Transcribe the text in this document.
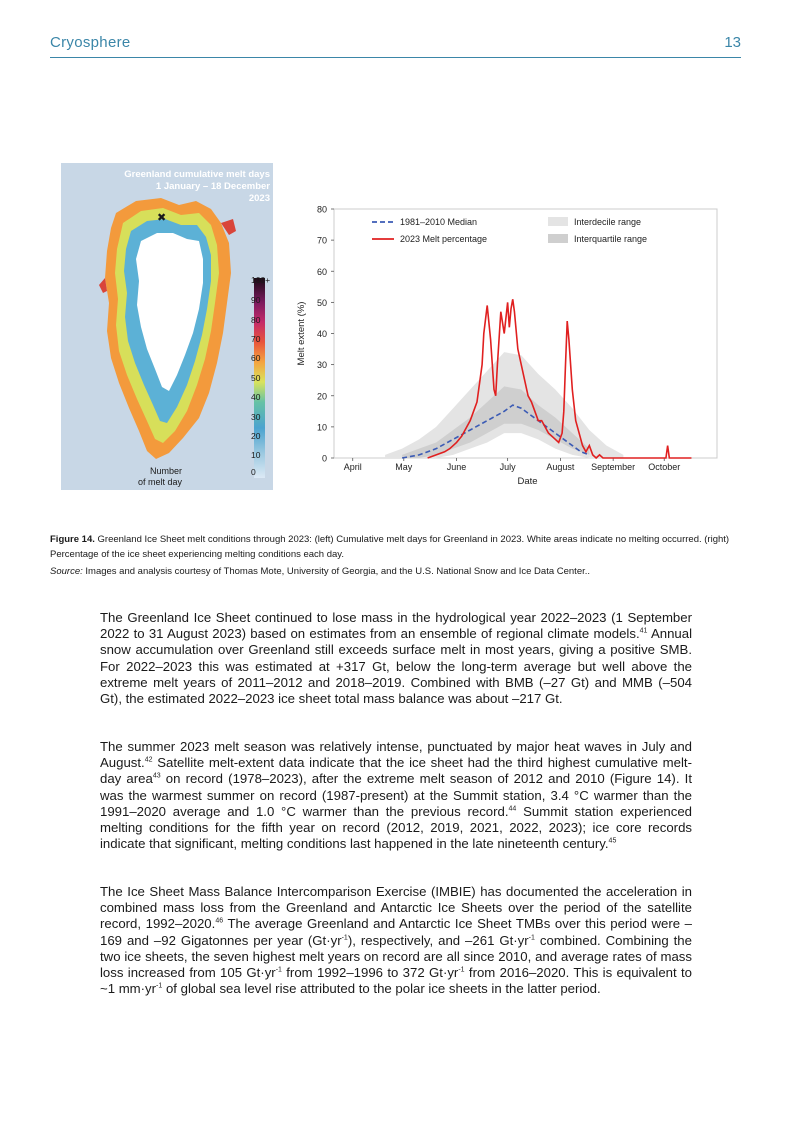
Cryosphere	13
✖
Greenland cumulative melt days
1 January – 18 December
2023
100+
90
80
70
60
50
40
30
20
10
0
Number
of melt day
0
10
20
30
40
50
60
70
80
April	May	June	July	August September October
Melt extent (%)
Date
1981–2010 Median
2023 Melt percentage
Interdecile range
Interquartile range
Figure 14. Greenland Ice Sheet melt conditions through 2023: (left) Cumulative melt days for Greenland in 2023. White areas indicate no melting occurred. (right) Percentage of the ice sheet experiencing melting conditions each day.
Source: Images and analysis courtesy of Thomas Mote, University of Georgia, and the U.S. National Snow and Ice Data Center..

The Greenland Ice Sheet continued to lose mass in the hydrological year 2022–2023 (1 September 2022 to 31 August 2023) based on estimates from an ensemble of regional climate models.$^{41}$ Annual snow accumulation over Greenland still exceeds surface melt in most years, giving a positive SMB. For 2022–2023 this was estimated at +317 Gt, below the long-term average but well above the extreme melt years of 2011–2012 and 2018–2019. Combined with BMB (–27 Gt) and MMB (–504 Gt), the estimated 2022–2023 ice sheet total mass balance was about –217 Gt.

The summer 2023 melt season was relatively intense, punctuated by major heat waves in July and August.$^{42}$ Satellite melt-extent data indicate that the ice sheet had the third highest cumulative melt-day area$^{43}$ on record (1978–2023), after the extreme melt season of 2012 and 2010 (Figure 14). It was the warmest summer on record (1987-present) at the Summit station, 3.4 °C warmer than the 1991–2020 average and 1.0 °C warmer than the previous record.$^{44}$ Summit station experienced melting conditions for the fifth year on record (2012, 2019, 2021, 2022, 2023); ice core records indicate that significant, melting conditions last happened in the late nineteenth century.$^{45}$

The Ice Sheet Mass Balance Intercomparison Exercise (IMBIE) has documented the acceleration in combined mass loss from the Greenland and Antarctic Ice Sheets over the period of the satellite record, 1992–2020.46 The average Greenland and Antarctic Ice Sheet TMBs over this period were –169 and –92 Gigatonnes per year $(Gt\cdot yr^{-1})$, respectively, and –261 $Gt\cdot yr^{-1}$ combined. Combining the two ice sheets, the seven highest melt years on record are all since 2010, and average rates of mass loss increased from 105 $Gt\cdot yr^{-1}$ from 1992–1996 to 372 $Gt\cdot yr^{-1}$ from 2016–2020. This is equivalent to ~1 $mm\cdot yr^{-1}$ of global sea level rise attributed to the polar ice sheets in the latter period.
